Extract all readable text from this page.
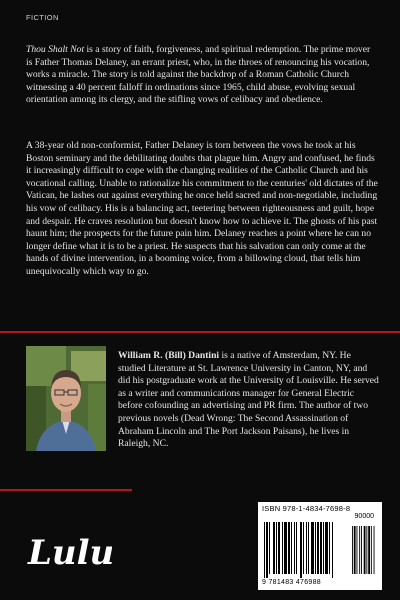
FICTION

Thou Shalt Not is a story of faith, forgiveness, and spiritual redemption. The prime mover is Father Thomas Delaney, an errant priest, who, in the throes of renouncing his vocation, works a miracle. The story is told against the backdrop of a Roman Catholic Church witnessing a 40 percent falloff in ordinations since 1965, child abuse, evolving sexual orientation among its clergy, and the stifling vows of celibacy and obedience.

A 38-year old non-conformist, Father Delaney is torn between the vows he took at his Boston seminary and the debilitating doubts that plague him. Angry and confused, he finds it increasingly difficult to cope with the changing realities of the Catholic Church and his vocational calling. Unable to rationalize his commitment to the centuries' old dictates of the Vatican, he lashes out against everything he once held sacred and non-negotiable, including his vow of celibacy. His is a balancing act, teetering between righteousness and guilt, hope and despair. He craves resolution but doesn't know how to achieve it. The ghosts of his past haunt him; the prospects for the future pain him. Delaney reaches a point where he can no longer define what it is to be a priest. He suspects that his salvation can only come at the hands of divine intervention, in a booming voice, from a billowing cloud, that tells him unequivocally which way to go.

William R. (Bill) Dantini is a native of Amsterdam, NY. He studied Literature at St. Lawrence University in Canton, NY, and did his postgraduate work at the University of Louisville. He served as a writer and communications manager for General Electric before cofounding an advertising and PR firm. The author of two previous novels (Dead Wrong: The Second Assassination of Abraham Lincoln and The Port Jackson Paisans), he lives in Raleigh, NC.

Lulu
ISBN 978-1-4834-7698-8
90000
9 781483 476988
